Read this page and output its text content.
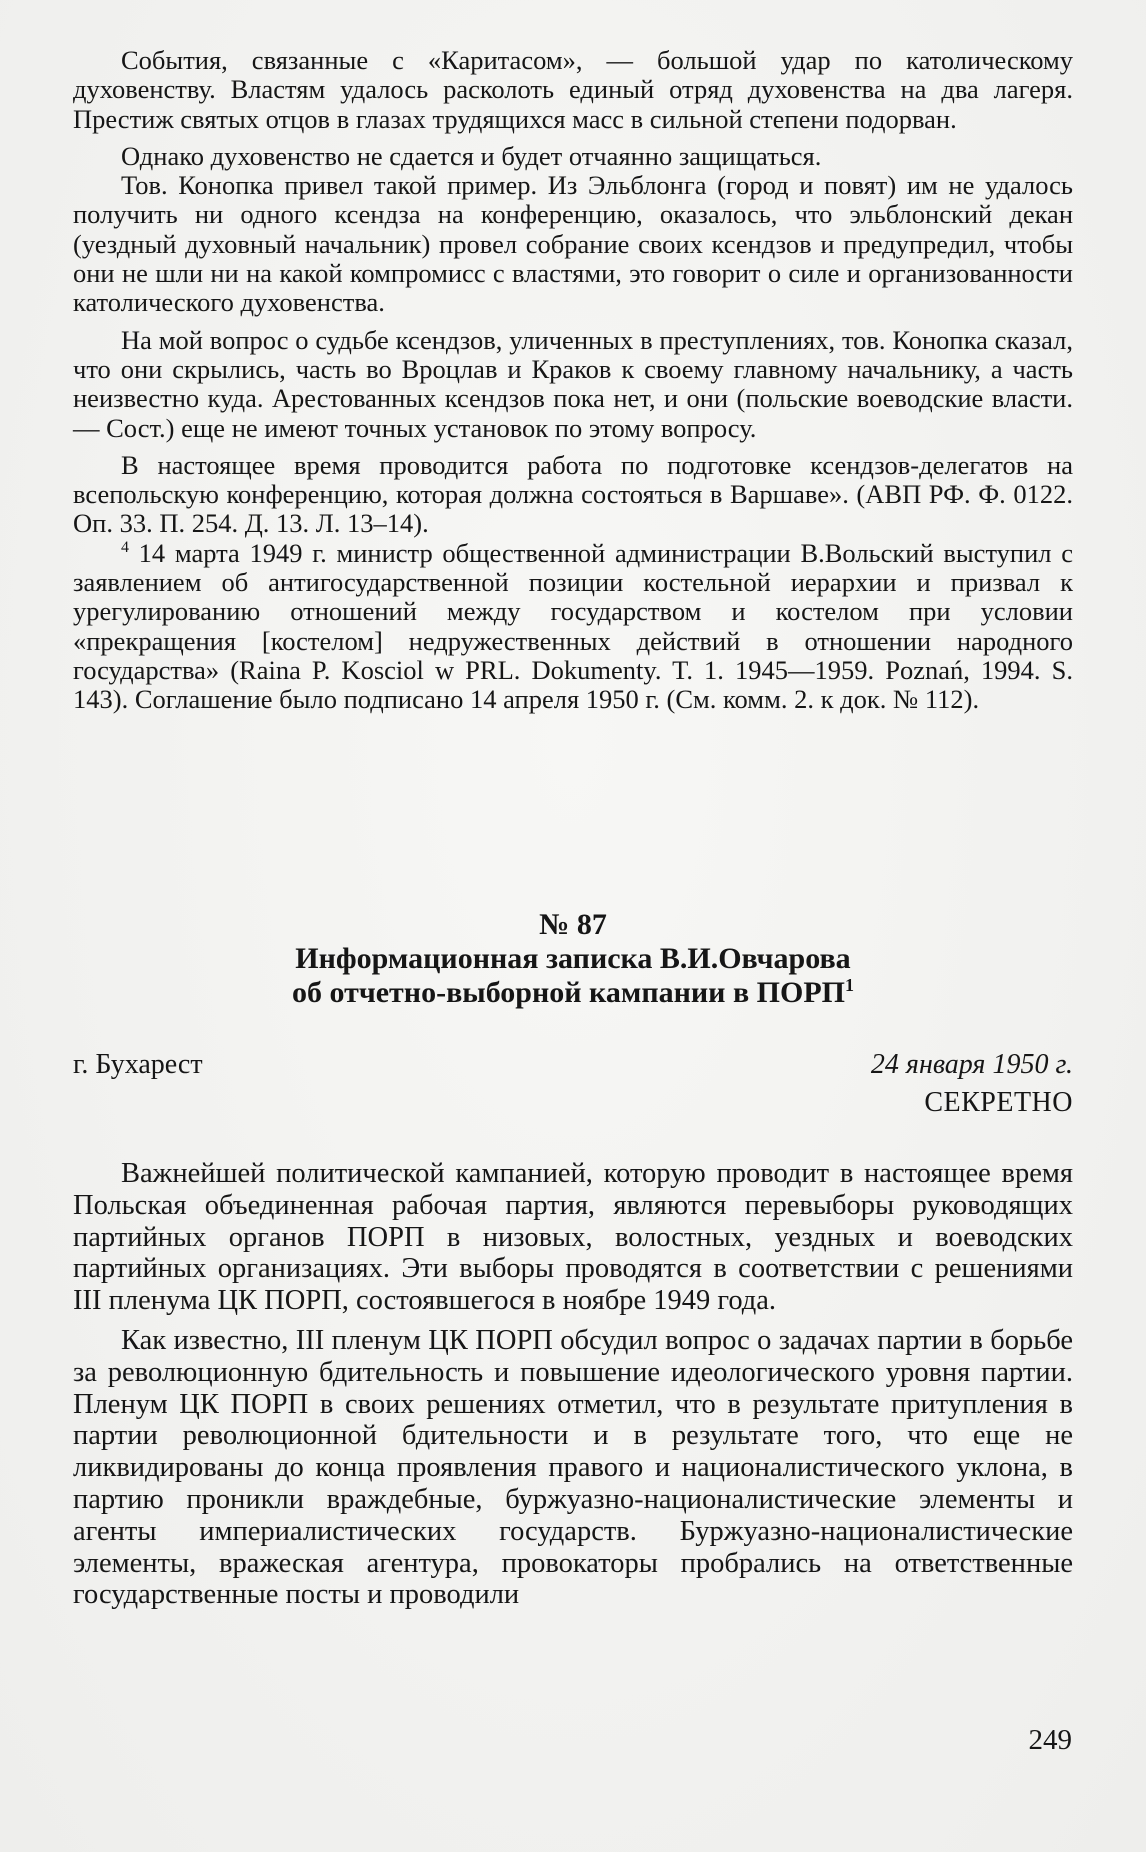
События, связанные с «Каритасом», — большой удар по католическому духовенству. Властям удалось расколоть единый отряд духовенства на два лагеря. Престиж святых отцов в глазах трудящихся масс в сильной степени подорван.

Однако духовенство не сдается и будет отчаянно защищаться.

Тов. Конопка привел такой пример. Из Эльблонга (город и повят) им не удалось получить ни одного ксендза на конференцию, оказалось, что эльблонский декан (уездный духовный начальник) провел собрание своих ксендзов и предупредил, чтобы они не шли ни на какой компромисс с властями, это говорит о силе и организованности католического духовенства.

На мой вопрос о судьбе ксендзов, уличенных в преступлениях, тов. Конопка сказал, что они скрылись, часть во Вроцлав и Краков к своему главному начальнику, а часть неизвестно куда. Арестованных ксендзов пока нет, и они (польские воеводские власти. — Сост.) еще не имеют точных установок по этому вопросу.

В настоящее время проводится работа по подготовке ксендзов-делегатов на всепольскую конференцию, которая должна состояться в Варшаве». (АВП РФ. Ф. 0122. Оп. 33. П. 254. Д. 13. Л. 13–14).

$^4$ 14 марта 1949 г. министр общественной администрации В.Вольский выступил с заявлением об антигосударственной позиции костельной иерархии и призвал к урегулированию отношений между государством и костелом при условии «прекращения [костелом] недружественных действий в отношении народного государства» (Raina P. Kosciol w PRL. Dokumenty. T. 1. 1945—1959. Poznań, 1994. S. 143). Соглашение было подписано 14 апреля 1950 г. (См. комм. 2. к док. № 112).

№ 87
Информационная записка В.И.Овчарова
об отчетно-выборной кампании в ПОРП$^1$
г. Бухарест	24 января 1950 г.
СЕКРЕТНО

Важнейшей политической кампанией, которую проводит в настоящее время Польская объединенная рабочая партия, являются перевыборы руководящих партийных органов ПОРП в низовых, волостных, уездных и воеводских партийных организациях. Эти выборы проводятся в соответствии с решениями III пленума ЦК ПОРП, состоявшегося в ноябре 1949 года.

Как известно, III пленум ЦК ПОРП обсудил вопрос о задачах партии в борьбе за революционную бдительность и повышение идеологического уровня партии. Пленум ЦК ПОРП в своих решениях отметил, что в результате притупления в партии революционной бдительности и в результате того, что еще не ликвидированы до конца проявления правого и националистического уклона, в партию проникли враждебные, буржуазно-националистические элементы и агенты империалистических государств. Буржуазно-националистические элементы, вражеская агентура, провокаторы пробрались на ответственные государственные посты и проводили

249
